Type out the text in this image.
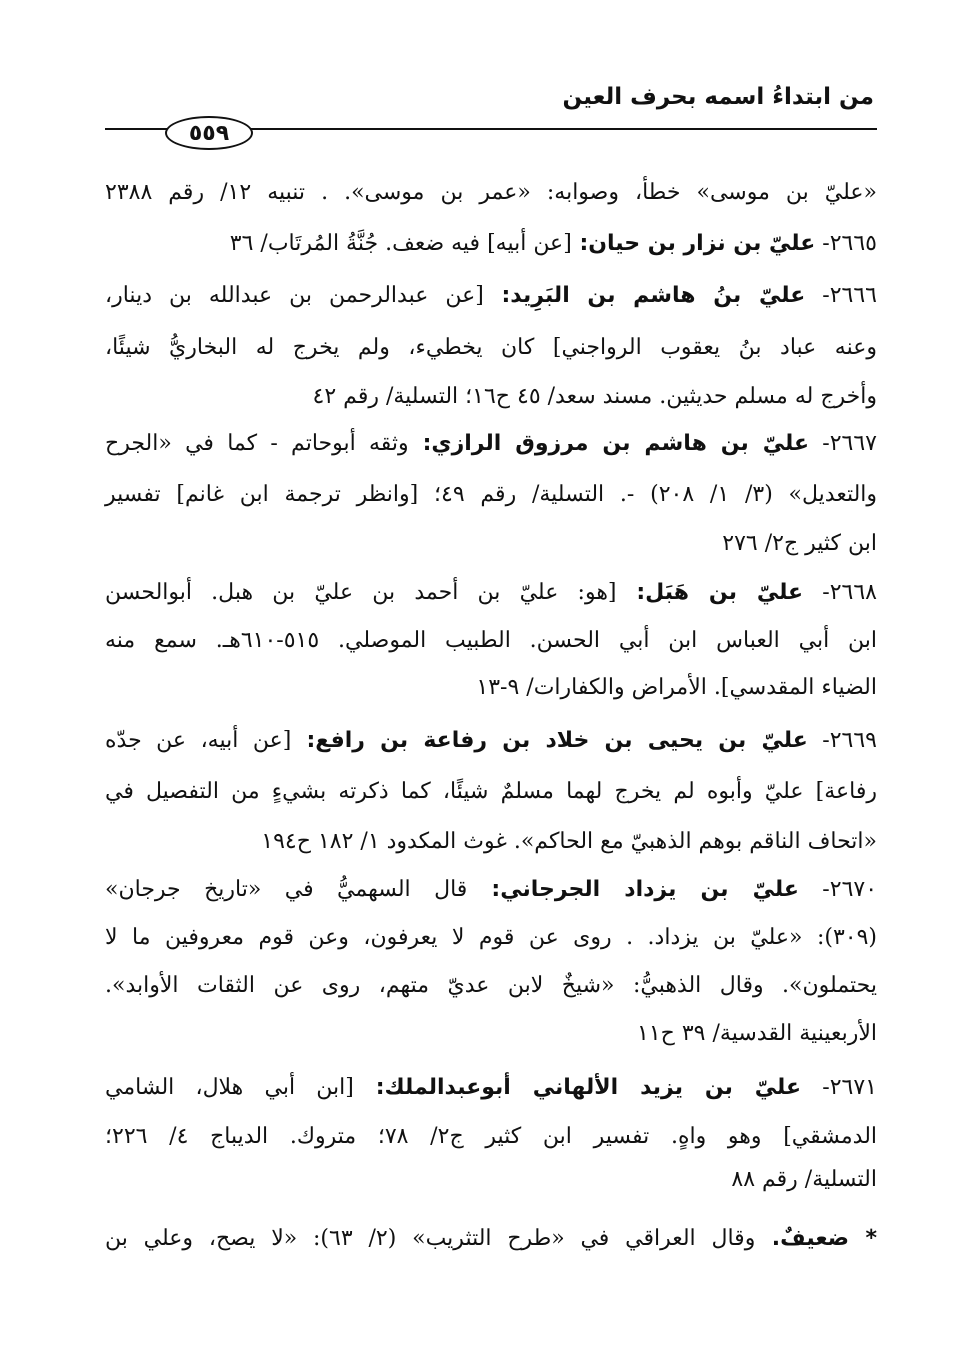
من ابتداءُ اسمه بحرف العين
٥٥٩
«عليّ بن موسى» خطأ، وصوابه: «عمر بن موسى». . تنبيه ١٢/ رقم ٢٣٨٨
٢٦٦٥- عليّ بن نزار بن حيان: [عن أبيه] فيه ضعف. جُنَّةُ المُرتَاب/ ٣٦
٢٦٦٦- عليّ بنُ هاشم بن البَرِيد: [عن عبدالرحمن بن عبدالله بن دينار،
وعنه عباد بنُ يعقوب الرواجني] كان يخطيء، ولم يخرج له البخاريُّ شيئًا،
وأخرج له مسلم حديثين. مسند سعد/ ٤٥ ح١٦؛ التسلية/ رقم ٤٢
٢٦٦٧- عليّ بن هاشم بن مرزوق الرازي: وثقه أبوحاتم - كما في «الجرح
والتعديل» (٣/ ١/ ٢٠٨) -. التسلية/ رقم ٤٩؛ [وانظر ترجمة ابن غانم] تفسير
ابن كثير ج٢/ ٢٧٦
٢٦٦٨- عليّ بن هَبَل: [هو: عليّ بن أحمد بن عليّ بن هبل. أبوالحسن
ابن أبي العباس ابن أبي الحسن. الطبيب الموصلي. ٥١٥-٦١٠هـ. سمع منه
الضياء المقدسي]. الأمراض والكفارات/ ٩-١٣
٢٦٦٩- عليّ بن يحيى بن خلاد بن رفاعة بن رافع: [عن أبيه، عن جدّه
رفاعة] عليّ وأبوه لم يخرج لهما مسلمٌ شيئًا، كما ذكرته بشيءٍ من التفصيل في
«اتحاف الناقم بوهم الذهبيّ مع الحاكم». غوث المكدود ١/ ١٨٢ ح١٩٤
٢٦٧٠- عليّ بن يزداد الجرجاني: قال السهميُّ في «تاريخ جرجان»
(٣٠٩): «عليّ بن يزداد. . روى عن قوم لا يعرفون، وعن قوم معروفين ما لا
يحتملون». وقال الذهبيُّ: «شيخٌ لابن عديّ متهم، روى عن الثقات الأوابد».
الأربعينية القدسية/ ٣٩ ح١١
٢٦٧١- عليّ بن يزيد الألهاني أبوعبدالملك: [ابن أبي هلال، الشامي
الدمشقي] وهو واهٍ. تفسير ابن كثير ج٢/ ٧٨؛ متروك. الديباج ٤/ ٢٢٦؛
التسلية/ رقم ٨٨
* ضعيفٌ. وقال العراقي في «طرح التثريب» (٢/ ٦٣): «لا يصح، وعلي بن
